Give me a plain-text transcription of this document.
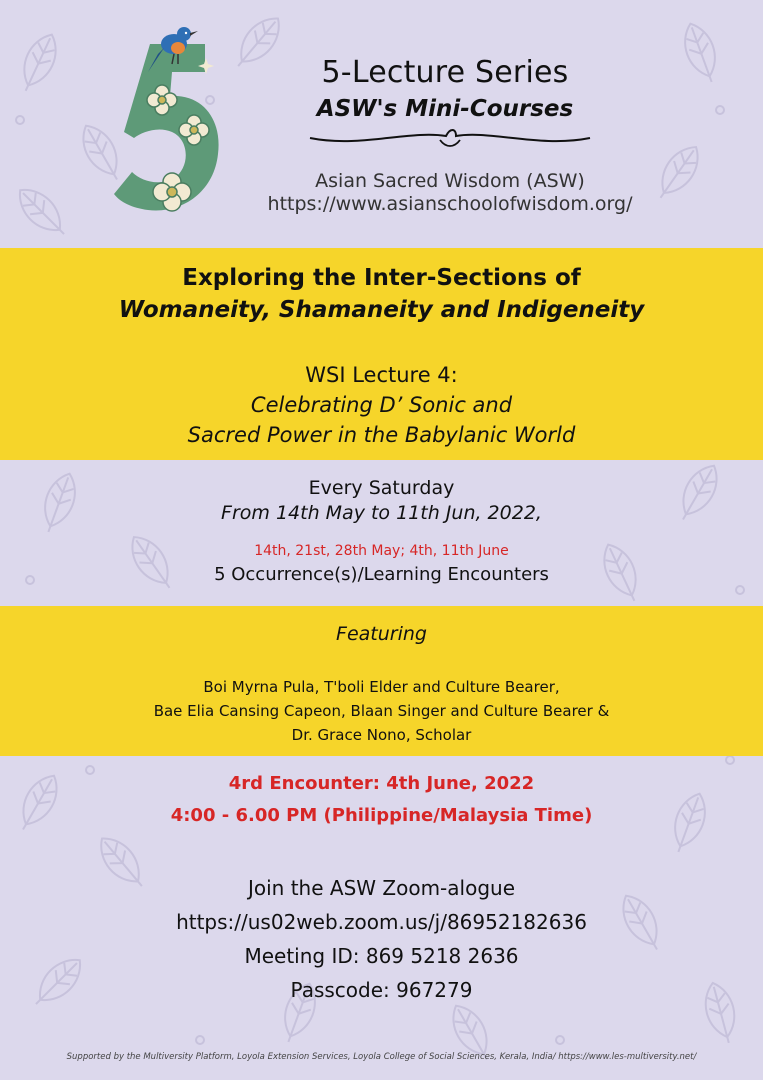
5-Lecture Series
ASW's Mini-Courses
Asian Sacred Wisdom (ASW)
https://www.asianschoolofwisdom.org/
Exploring the Inter-Sections of
Womaneity, Shamaneity and Indigeneity
WSI Lecture 4:
Celebrating D’ Sonic and
Sacred Power in the Babylanic World
Every Saturday
From 14th May to 11th Jun, 2022,
14th, 21st, 28th May; 4th, 11th June
5 Occurrence(s)/Learning Encounters
Featuring
Boi Myrna Pula, T'boli Elder and Culture Bearer,
Bae Elia Cansing Capeon, Blaan Singer and Culture Bearer &
Dr. Grace Nono, Scholar
4rd Encounter: 4th June, 2022
4:00 - 6.00 PM (Philippine/Malaysia Time)
Join the ASW Zoom-alogue
https://us02web.zoom.us/j/86952182636
Meeting ID: 869 5218 2636
Passcode: 967279
Supported by the Multiversity Platform, Loyola Extension Services, Loyola College of Social Sciences, Kerala, India/ https://www.les-multiversity.net/
